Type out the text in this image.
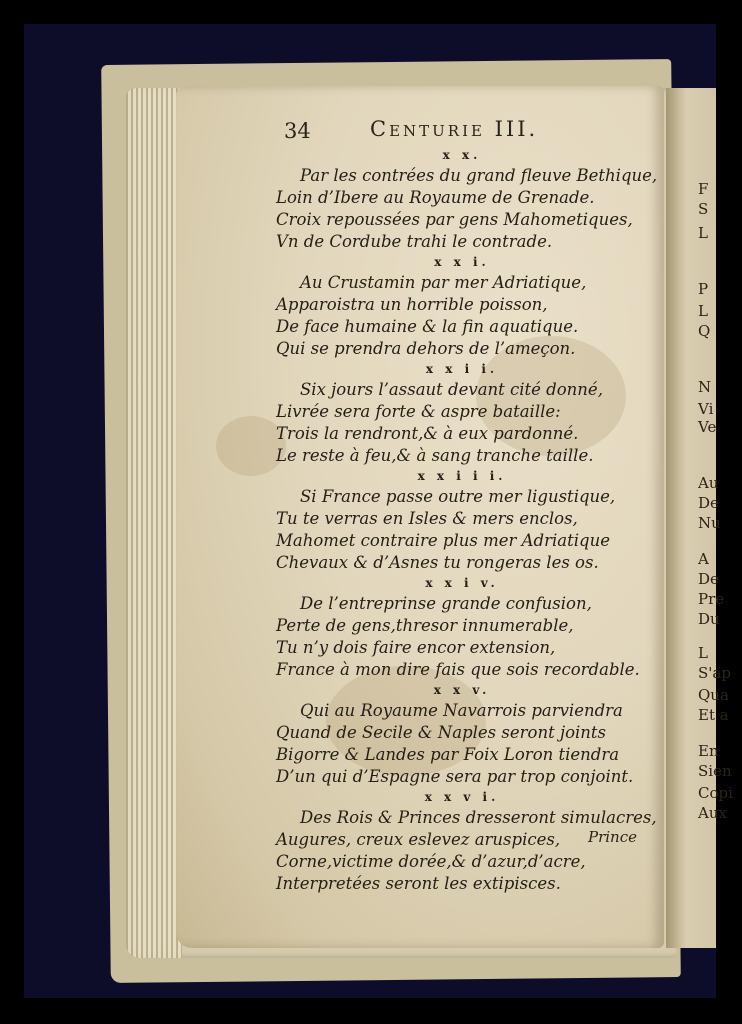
34	Centurie III.
x x.
Par les contrées du grand fleuve Bethique,
Loin d’Ibere au Royaume de Grenade.
Croix repoussées par gens Mahometiques,
Vn de Cordube trahi le contrade.
x x i.
Au Crustamin par mer Adriatique,
Apparoistra un horrible poisson,
De face humaine & la fin aquatique.
Qui se prendra dehors de l’ameçon.
x x i i.
Six jours l’assaut devant cité donné,
Livrée sera forte & aspre bataille:
Trois la rendront,& à eux pardonné.
Le reste à feu,& à sang tranche taille.
x x i i i.
Si France passe outre mer ligustique,
Tu te verras en Isles & mers enclos,
Mahomet contraire plus mer Adriatique
Chevaux & d’Asnes tu rongeras les os.
x x i v.
De l’entreprinse grande confusion,
Perte de gens,thresor innumerable,
Tu n’y dois faire encor extension,
France à mon dire fais que sois recordable.
x x v.
Qui au Royaume Navarrois parviendra
Quand de Secile & Naples seront joints
Bigorre & Landes par Foix Loron tiendra
D’un qui d’Espagne sera par trop conjoint.
x x v i.
Des Rois & Princes dresseront simulacres,
Augures, creux eslevez aruspices,
Corne,victime dorée,& d’azur,d’acre,
Interpretées seront les extipisces.
Prince
F
S
L
P
L
Q
N
Vi
Ve
Au
De
Nu
A
De
Pre
Du
L
S'ap
Qua
Et a
En
Sien
Copi
Aux
